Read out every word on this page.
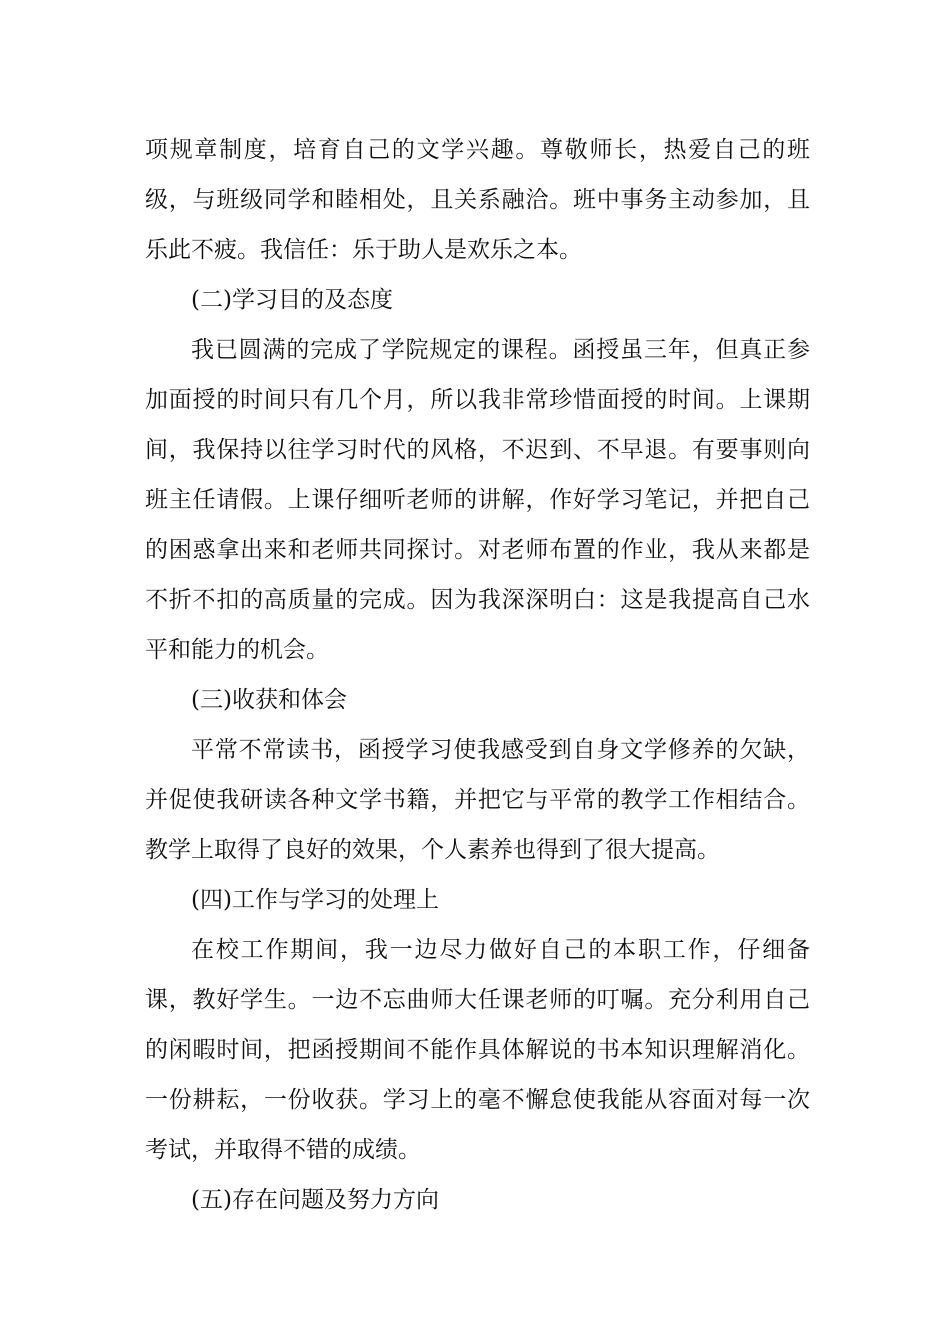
项规章制度，培育自己的文学兴趣。尊敬师长，热爱自己的班级，与班级同学和睦相处，且关系融洽。班中事务主动参加，且乐此不疲。我信任：乐于助人是欢乐之本。

(二)学习目的及态度

我已圆满的完成了学院规定的课程。函授虽三年，但真正参加面授的时间只有几个月，所以我非常珍惜面授的时间。上课期间，我保持以往学习时代的风格，不迟到、不早退。有要事则向班主任请假。上课仔细听老师的讲解，作好学习笔记，并把自己的困惑拿出来和老师共同探讨。对老师布置的作业，我从来都是不折不扣的高质量的完成。因为我深深明白：这是我提高自己水平和能力的机会。

(三)收获和体会

平常不常读书，函授学习使我感受到自身文学修养的欠缺，并促使我研读各种文学书籍，并把它与平常的教学工作相结合。教学上取得了良好的效果，个人素养也得到了很大提高。

(四)工作与学习的处理上

在校工作期间，我一边尽力做好自己的本职工作，仔细备课，教好学生。一边不忘曲师大任课老师的叮嘱。充分利用自己的闲暇时间，把函授期间不能作具体解说的书本知识理解消化。一份耕耘，一份收获。学习上的毫不懈怠使我能从容面对每一次考试，并取得不错的成绩。

(五)存在问题及努力方向
